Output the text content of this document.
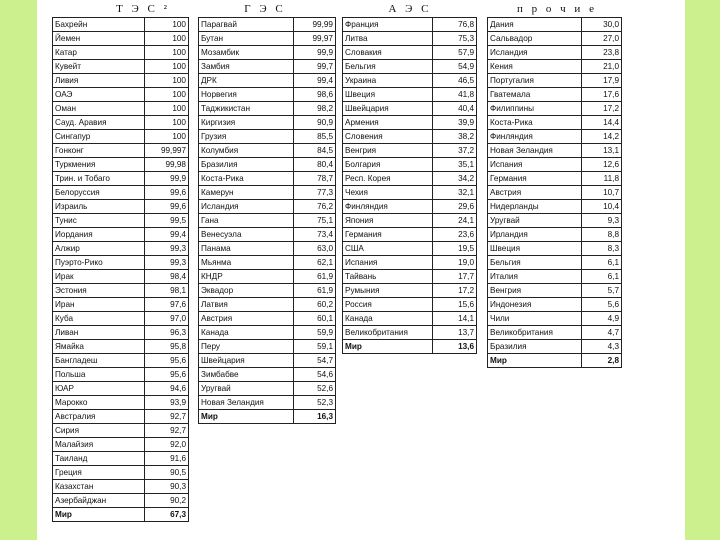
Т Э С ²	Г Э С	А Э С	п р о ч и е
Бахрейн	100
Йемен	100
Катар	100
Кувейт	100
Ливия	100
ОАЭ	100
Оман	100
Сауд. Аравия	100
Сингапур	100
Гонконг	99,997
Туркмения	99,98
Трин. и Тобаго	99,9
Белоруссия	99,6
Израиль	99,6
Тунис	99,5
Иордания	99,4
Алжир	99,3
Пуэрто-Рико	99,3
Ирак	98,4
Эстония	98,1
Иран	97,6
Куба	97,0
Ливан	96,3
Ямайка	95,8
Бангладеш	95,6
Польша	95,6
ЮАР	94,6
Марокко	93,9
Австралия	92,7
Сирия	92,7
Малайзия	92,0
Таиланд	91,6
Греция	90,5
Казахстан	90,3
Азербайджан	90,2
Мир	67,3
Парагвай	99,99
Бутан	99,97
Мозамбик	99,9
Замбия	99,7
ДРК	99,4
Норвегия	98,6
Таджикистан	98,2
Киргизия	90,9
Грузия	85,5
Колумбия	84,5
Бразилия	80,4
Коста-Рика	78,7
Камерун	77,3
Исландия	76,2
Гана	75,1
Венесуэла	73,4
Панама	63,0
Мьянма	62,1
КНДР	61,9
Эквадор	61,9
Латвия	60,2
Австрия	60,1
Канада	59,9
Перу	59,1
Швейцария	54,7
Зимбабве	54,6
Уругвай	52,6
Новая Зеландия	52,3
Мир	16,3
Франция	76,8
Литва	75,3
Словакия	57,9
Бельгия	54,9
Украина	46,5
Швеция	41,8
Швейцария	40,4
Армения	39,9
Словения	38,2
Венгрия	37,2
Болгария	35,1
Респ. Корея	34,2
Чехия	32,1
Финляндия	29,6
Япония	24,1
Германия	23,6
США	19,5
Испания	19,0
Тайвань	17,7
Румыния	17,2
Россия	15,6
Канада	14,1
Великобритания	13,7
Мир	13,6
Дания	30,0
Сальвадор	27,0
Исландия	23,8
Кения	21,0
Португалия	17,9
Гватемала	17,6
Филиппины	17,2
Коста-Рика	14,4
Финляндия	14,2
Новая Зеландия	13,1
Испания	12,6
Германия	11,8
Австрия	10,7
Нидерланды	10,4
Уругвай	9,3
Ирландия	8,8
Швеция	8,3
Бельгия	6,1
Италия	6,1
Венгрия	5,7
Индонезия	5,6
Чили	4,9
Великобритания	4,7
Бразилия	4,3
Мир	2,8
